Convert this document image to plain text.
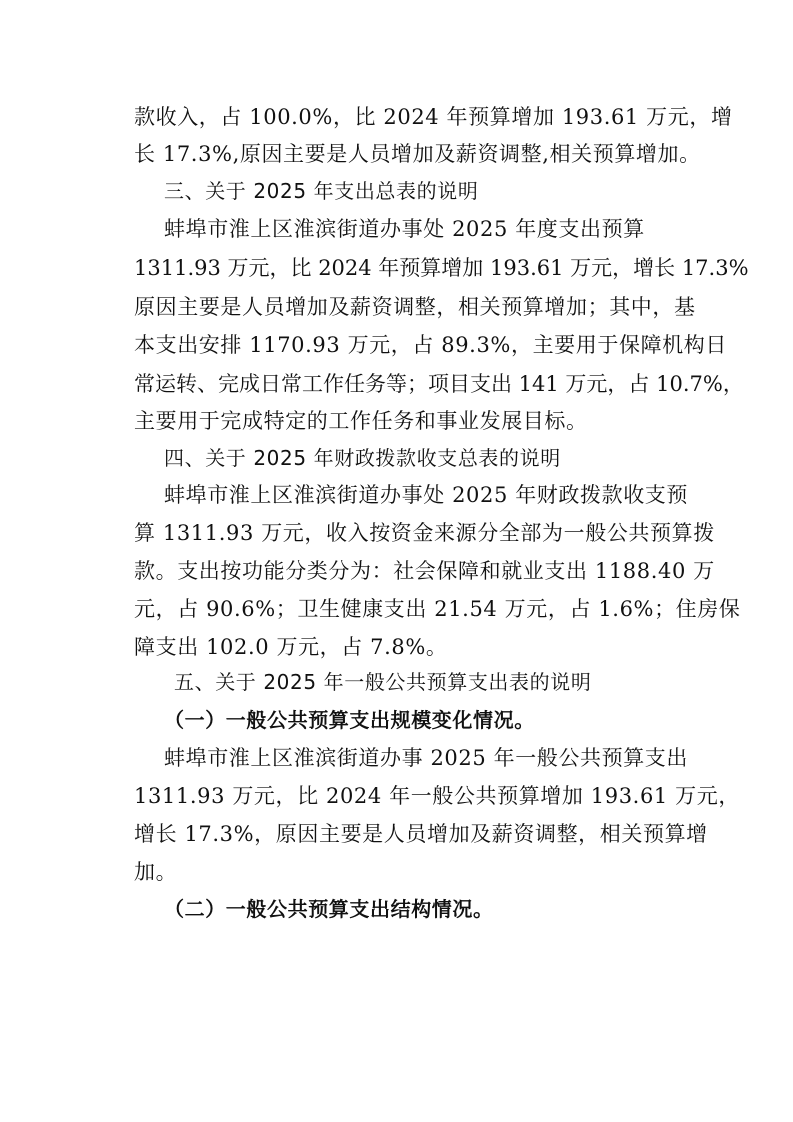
款收入，占 100.0%，比 2024 年预算增加 193.61 万元，增
长 17.3%,原因主要是人员增加及薪资调整,相关预算增加。
三、关于 2025 年支出总表的说明
蚌埠市淮上区淮滨街道办事处 2025 年度支出预算
1311.93 万元，比 2024 年预算增加 193.61 万元，增长 17.3%
原因主要是人员增加及薪资调整，相关预算增加；其中，基
本支出安排 1170.93 万元，占 89.3%，主要用于保障机构日
常运转、完成日常工作任务等；项目支出 141 万元，占 10.7%，
主要用于完成特定的工作任务和事业发展目标。
四、关于 2025 年财政拨款收支总表的说明
蚌埠市淮上区淮滨街道办事处 2025 年财政拨款收支预
算 1311.93 万元，收入按资金来源分全部为一般公共预算拨
款。支出按功能分类分为：社会保障和就业支出 1188.40 万
元，占 90.6%；卫生健康支出 21.54 万元，占 1.6%；住房保
障支出 102.0 万元，占 7.8%。
五、关于 2025 年一般公共预算支出表的说明
（一）一般公共预算支出规模变化情况。
蚌埠市淮上区淮滨街道办事 2025 年一般公共预算支出
1311.93 万元，比 2024 年一般公共预算增加 193.61 万元，
增长 17.3%，原因主要是人员增加及薪资调整，相关预算增
加。
（二）一般公共预算支出结构情况。
